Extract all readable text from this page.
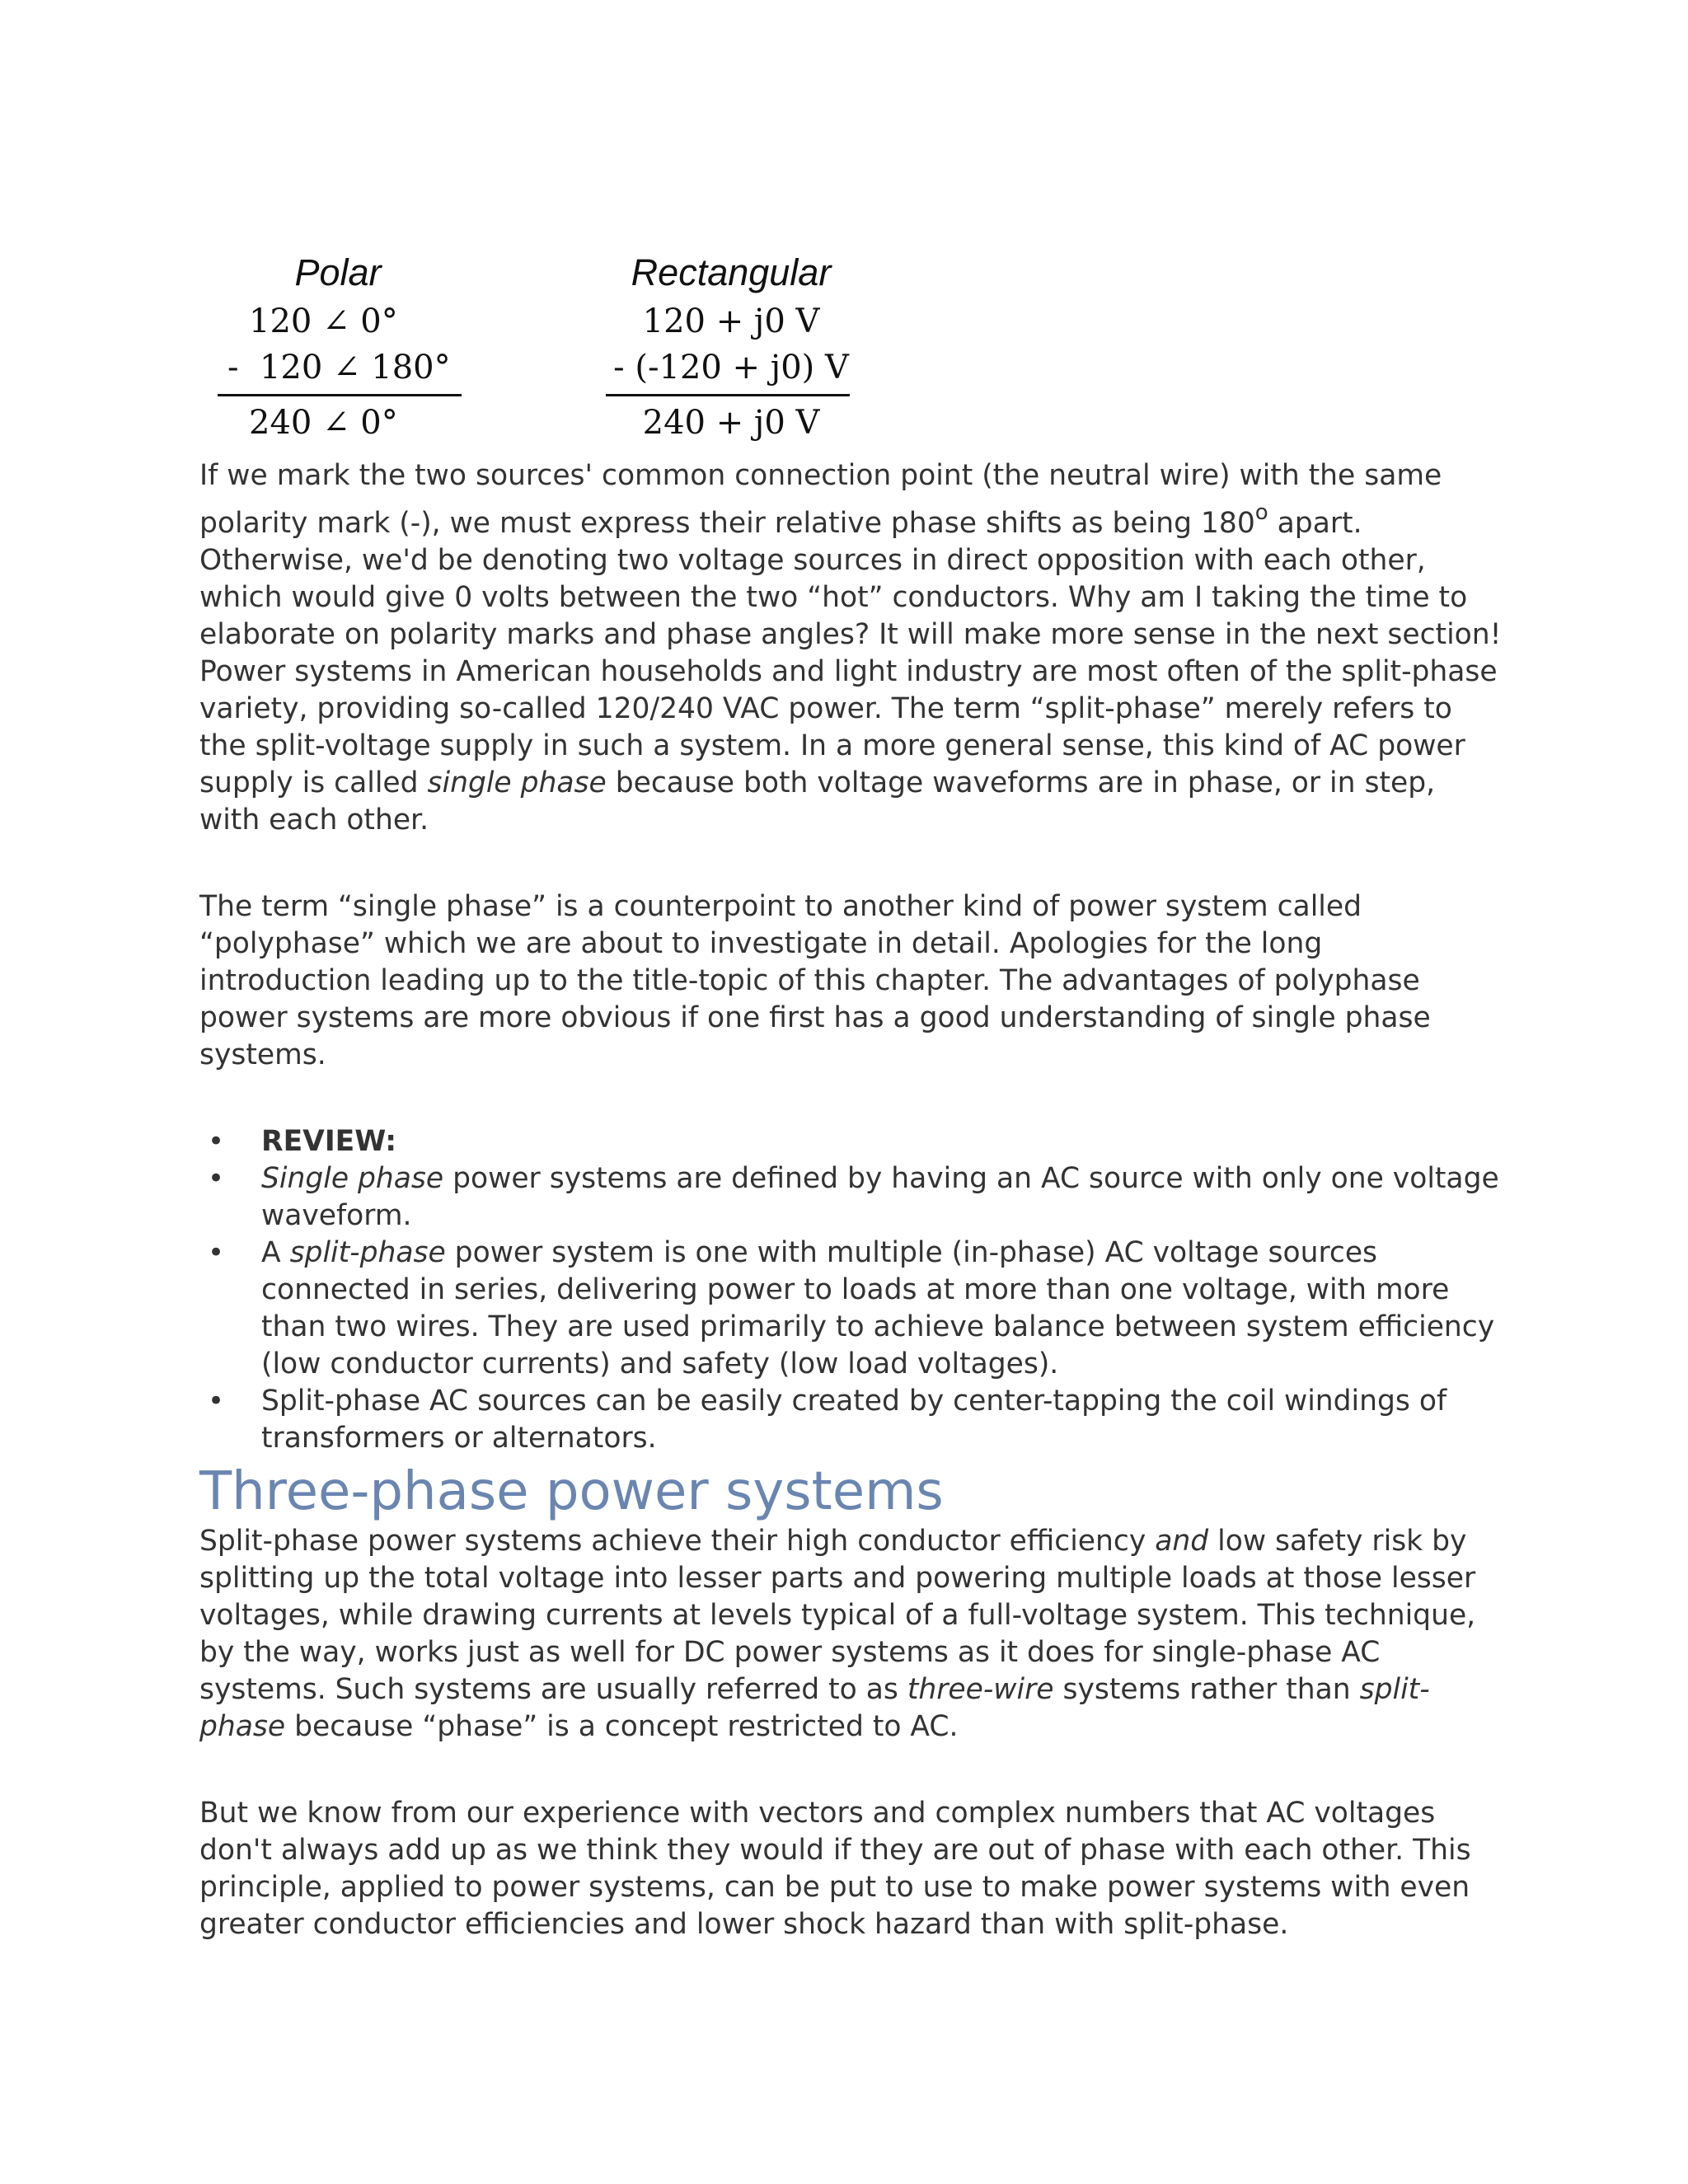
Polar
120 ∠ 0°
-  120 ∠ 180°
240 ∠ 0°
Rectangular
120 + j0 V
- (-120 + j0) V
240 + j0 V

If we mark the two sources' common connection point (the neutral wire) with the same polarity mark (-), we must express their relative phase shifts as being 180$^o$ apart. Otherwise, we'd be denoting two voltage sources in direct opposition with each other, which would give 0 volts between the two “hot” conductors. Why am I taking the time to elaborate on polarity marks and phase angles? It will make more sense in the next section!

Power systems in American households and light industry are most often of the split-phase variety, providing so-called 120/240 VAC power. The term “split-phase” merely refers to the split-voltage supply in such a system. In a more general sense, this kind of AC power supply is called single phase because both voltage waveforms are in phase, or in step, with each other.

The term “single phase” is a counterpoint to another kind of power system called “polyphase” which we are about to investigate in detail. Apologies for the long introduction leading up to the title-topic of this chapter. The advantages of polyphase power systems are more obvious if one first has a good understanding of single phase systems.

• REVIEW:
• Single phase power systems are defined by having an AC source with only one voltage waveform.
• A split-phase power system is one with multiple (in-phase) AC voltage sources connected in series, delivering power to loads at more than one voltage, with more than two wires. They are used primarily to achieve balance between system efficiency (low conductor currents) and safety (low load voltages).
• Split-phase AC sources can be easily created by center-tapping the coil windings of transformers or alternators.
Three-phase power systems

Split-phase power systems achieve their high conductor efficiency and low safety risk by splitting up the total voltage into lesser parts and powering multiple loads at those lesser voltages, while drawing currents at levels typical of a full-voltage system. This technique, by the way, works just as well for DC power systems as it does for single-phase AC systems. Such systems are usually referred to as three-wire systems rather than split-phase because “phase” is a concept restricted to AC.

But we know from our experience with vectors and complex numbers that AC voltages don't always add up as we think they would if they are out of phase with each other. This principle, applied to power systems, can be put to use to make power systems with even greater conductor efficiencies and lower shock hazard than with split-phase.
